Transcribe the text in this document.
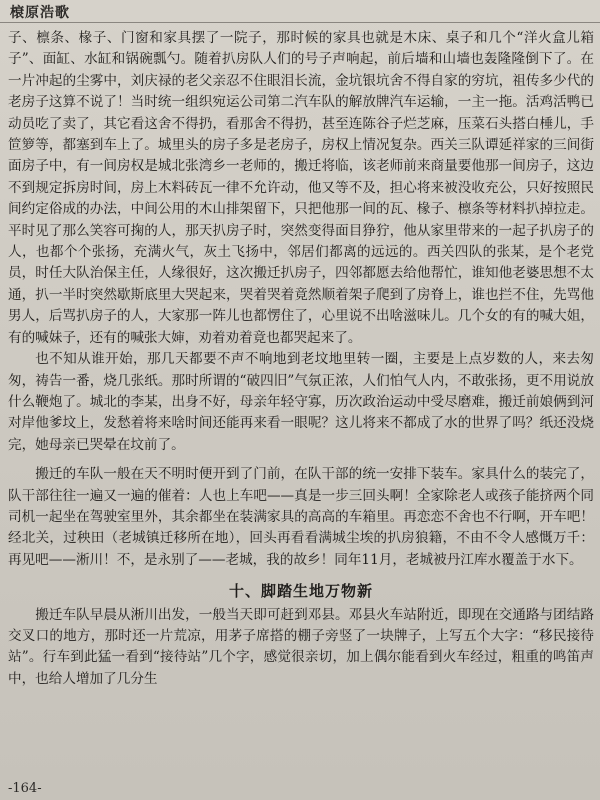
榱原浩歌

子、檩条、椽子、门窗和家具摆了一院子，那时候的家具也就是木床、桌子和几个“洋火盒儿箱子”、面缸、水缸和锅碗瓢勺。随着扒房队人们的号子声响起，前后墙和山墙也轰隆隆倒下了。在一片冲起的尘雾中，刘庆禄的老父亲忍不住眼泪长流，金坑银坑舍不得自家的穷坑，祖传多少代的老房子这算不说了！当时统一组织宛运公司第二汽车队的解放牌汽车运输，一主一拖。活鸡活鸭已动员吃了卖了，其它看这舍不得扔，看那舍不得扔，甚至连陈谷子烂芝麻，压菜石头搭白棰儿，手笸箩等，都塞到车上了。城里头的房子多是老房子，房权上情况复杂。西关三队谭延祥家的三间街面房子中，有一间房权是城北张湾乡一老师的，搬迁将临，该老师前来商量要他那一间房子，这边不到规定拆房时间，房上木料砖瓦一律不允许动，他又等不及，担心将来被没收充公，只好按照民间约定俗成的办法，中间公用的木山排架留下，只把他那一间的瓦、椽子、檩条等材料扒掉拉走。平时见了那么笑容可掬的人，那天扒房子时，突然变得面目狰狞，他从家里带来的一起子扒房子的人，也都个个张扬，充满火气，灰土飞扬中，邻居们都离的远远的。西关四队的张某，是个老党员，时任大队治保主任，人缘很好，这次搬迁扒房子，四邻都愿去给他帮忙，谁知他老婆思想不太通，扒一半时突然歇斯底里大哭起来，哭着哭着竟然顺着架子爬到了房脊上，谁也拦不住，先骂他男人，后骂扒房子的人，大家那一阵儿也都愣住了，心里说不出啥滋味儿。几个女的有的喊大姐，有的喊妹子，还有的喊张大婶，劝着劝着竟也都哭起来了。

也不知从谁开始，那几天都要不声不响地到老坟地里转一圈，主要是上点岁数的人，来去匆匆，祷告一番，烧几张纸。那时所谓的“破四旧”气氛正浓，人们怕气人内，不敢张扬，更不用说放什么鞭炮了。城北的李某，出身不好，母亲年轻守寡，历次政治运动中受尽磨难，搬迁前娘俩到河对岸他爹坟上，发愁着将来啥时间还能再来看一眼呢？这儿将来不都成了水的世界了吗？纸还没烧完，她母亲已哭晕在坟前了。

搬迁的车队一般在天不明时便开到了门前，在队干部的统一安排下装车。家具什么的装完了，队干部往往一遍又一遍的催着：人也上车吧——真是一步三回头啊！全家除老人或孩子能挤两个同司机一起坐在驾驶室里外，其余都坐在装满家具的高高的车箱里。再恋恋不舍也不行啊，开车吧！经北关，过秧田（老城镇迁移所在地），回头再看看满城尘埃的扒房狼籍，不由不令人感慨万千：再见吧——淅川！不，是永别了——老城，我的故乡！同年11月，老城被丹江库水覆盖于水下。

十、脚踏生地万物新

搬迁车队早晨从淅川出发，一般当天即可赶到邓县。邓县火车站附近，即现在交通路与团结路交叉口的地方，那时还一片荒凉，用茅子席搭的棚子旁竖了一块牌子，上写五个大字：“移民接待站”。行车到此猛一看到“接待站”几个字，感觉很亲切，加上偶尔能看到火车经过，粗重的鸣笛声中，也给人增加了几分生

-164-
